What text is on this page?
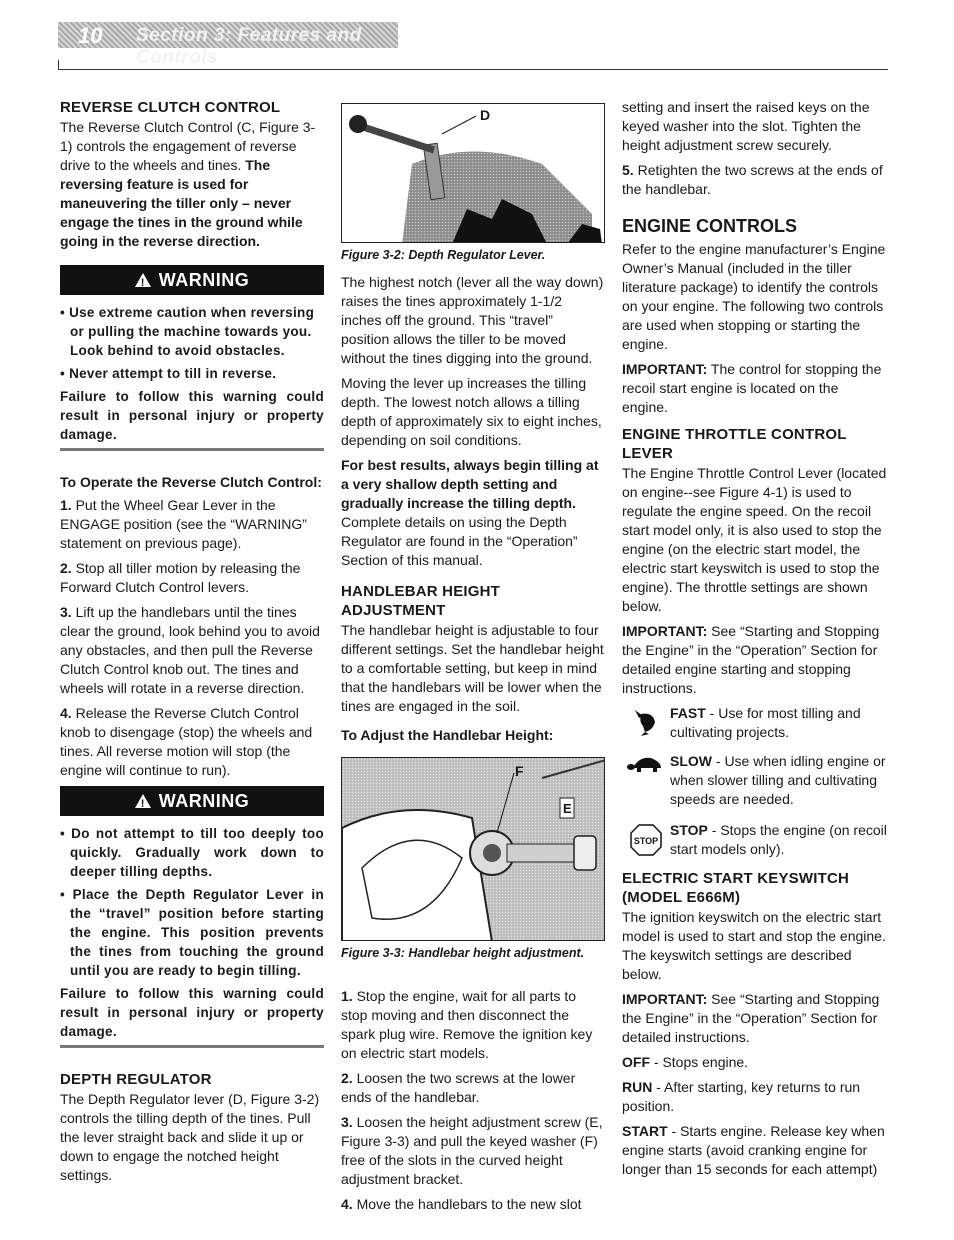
10 Section 3: Features and Controls
REVERSE CLUTCH CONTROL

The Reverse Clutch Control (C, Figure 3-1) controls the engagement of reverse drive to the wheels and tines. The reversing feature is used for maneuvering the tiller only – never engage the tines in the ground while going in the reverse direction.

!
WARNING
• Use extreme caution when reversing or pulling the machine towards you. Look behind to avoid obstacles.
• Never attempt to till in reverse.
Failure to follow this warning could result in personal injury or property damage.
To Operate the Reverse Clutch Control:

1. Put the Wheel Gear Lever in the ENGAGE position (see the “WARNING” statement on previous page).

2. Stop all tiller motion by releasing the Forward Clutch Control levers.

3. Lift up the handlebars until the tines clear the ground, look behind you to avoid any obstacles, and then pull the Reverse Clutch Control knob out. The tines and wheels will rotate in a reverse direction.

4. Release the Reverse Clutch Control knob to disengage (stop) the wheels and tines. All reverse motion will stop (the engine will continue to run).

!
WARNING
• Do not attempt to till too deeply too quickly. Gradually work down to deeper tilling depths.
• Place the Depth Regulator Lever in the “travel” position before starting the engine. This position prevents the tines from touching the ground until you are ready to begin tilling.
Failure to follow this warning could result in personal injury or property damage.
DEPTH REGULATOR

The Depth Regulator lever (D, Figure 3-2) controls the tilling depth of the tines. Pull the lever straight back and slide it up or down to engage the notched height settings.

D
Figure 3-2: Depth Regulator Lever.

The highest notch (lever all the way down) raises the tines approximately 1-1/2 inches off the ground. This “travel” position allows the tiller to be moved without the tines digging into the ground.

Moving the lever up increases the tilling depth. The lowest notch allows a tilling depth of approximately six to eight inches, depending on soil conditions.

For best results, always begin tilling at a very shallow depth setting and gradually increase the tilling depth. Complete details on using the Depth Regulator are found in the “Operation” Section of this manual.

HANDLEBAR HEIGHT ADJUSTMENT

The handlebar height is adjustable to four different settings. Set the handlebar height to a comfortable setting, but keep in mind that the handlebars will be lower when the tines are engaged in the soil.

To Adjust the Handlebar Height:
F
E
Figure 3-3: Handlebar height adjustment.

1. Stop the engine, wait for all parts to stop moving and then disconnect the spark plug wire. Remove the ignition key on electric start models.

2. Loosen the two screws at the lower ends of the handlebar.

3. Loosen the height adjustment screw (E, Figure 3-3) and pull the keyed washer (F) free of the slots in the curved height adjustment bracket.

4. Move the handlebars to the new slot

setting and insert the raised keys on the keyed washer into the slot. Tighten the height adjustment screw securely.

5. Retighten the two screws at the ends of the handlebar.

ENGINE CONTROLS

Refer to the engine manufacturer’s Engine Owner’s Manual (included in the tiller literature package) to identify the controls on your engine. The following two controls are used when stopping or starting the engine.

IMPORTANT: The control for stopping the recoil start engine is located on the engine.

ENGINE THROTTLE CONTROL LEVER

The Engine Throttle Control Lever (located on engine--see Figure 4-1) is used to regulate the engine speed. On the recoil start model only, it is also used to stop the engine (on the electric start model, the electric start keyswitch is used to stop the engine). The throttle settings are shown below.

IMPORTANT: See “Starting and Stopping the Engine” in the “Operation” Section for detailed engine starting and stopping instructions.

FAST - Use for most tilling and cultivating projects.
SLOW - Use when idling engine or when slower tilling and cultivating speeds are needed.
STOP
STOP - Stops the engine (on recoil start models only).
ELECTRIC START KEYSWITCH (MODEL E666M)

The ignition keyswitch on the electric start model is used to start and stop the engine. The keyswitch settings are described below.

IMPORTANT: See “Starting and Stopping the Engine” in the “Operation” Section for detailed instructions.

OFF - Stops engine.

RUN - After starting, key returns to run position.

START - Starts engine. Release key when engine starts (avoid cranking engine for longer than 15 seconds for each attempt)
